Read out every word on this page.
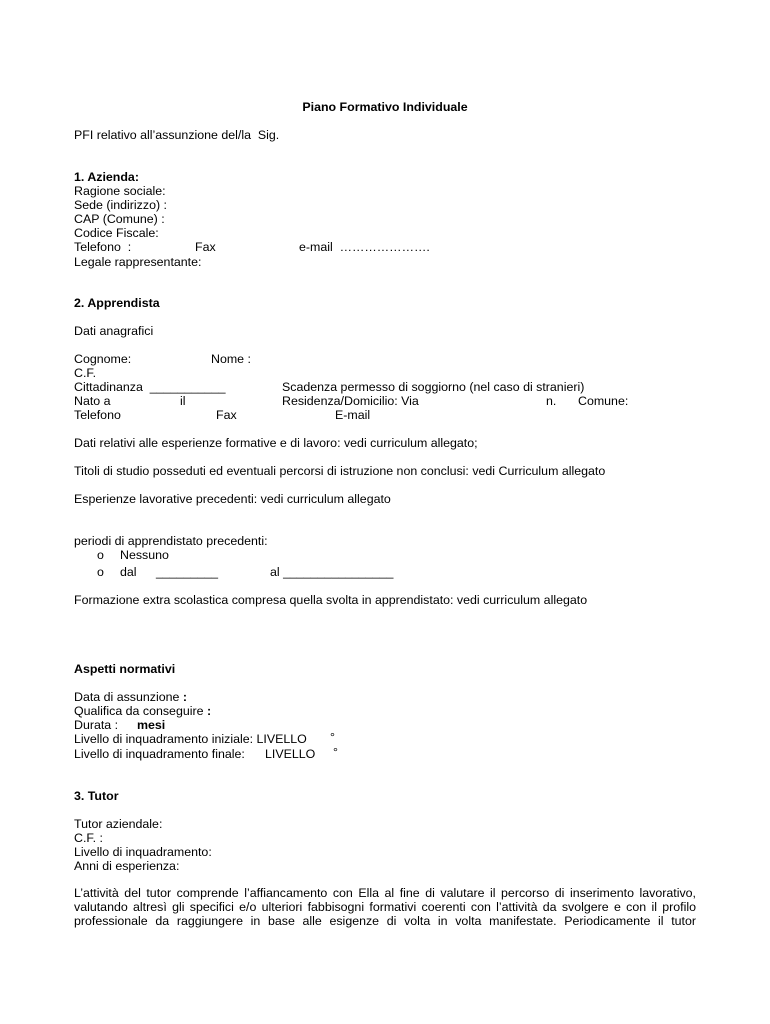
Piano Formativo Individuale
PFI relativo all’assunzione del/la  Sig.
1. Azienda:
Ragione sociale:
Sede (indirizzo) :
CAP (Comune) :
Codice Fiscale:
Telefono  :	Fax	e-mail  ………………….
Legale rappresentante:
2. Apprendista
Dati anagrafici
Cognome:	Nome :
C.F.
Cittadinanza  ___________	Scadenza permesso di soggiorno (nel caso di stranieri)
Nato a	il	Residenza/Domicilio: Via	n. Comune:
Telefono	Fax	E-mail
Dati relativi alle esperienze formative e di lavoro: vedi curriculum allegato;
Titoli di studio posseduti ed eventuali percorsi di istruzione non conclusi: vedi Curriculum allegato
Esperienze lavorative precedenti: vedi curriculum allegato
periodi di apprendistato precedenti:
o Nessuno
o dal _________	al ________________
Formazione extra scolastica compresa quella svolta in apprendistato: vedi curriculum allegato
Aspetti normativi
Data di assunzione :
Qualifica da conseguire :
Durata : mesi
Livello di inquadramento iniziale: LIVELLO °
Livello di inquadramento finale: LIVELLO °
3. Tutor
Tutor aziendale:
C.F. :
Livello di inquadramento:
Anni di esperienza:
L’attività del tutor comprende l’affiancamento con Ella al fine di valutare il percorso di inserimento lavorativo,
valutando altresì gli specifici e/o ulteriori fabbisogni formativi coerenti con l’attività da svolgere e con il profilo
professionale da raggiungere in base alle esigenze di volta in volta manifestate. Periodicamente il tutor
